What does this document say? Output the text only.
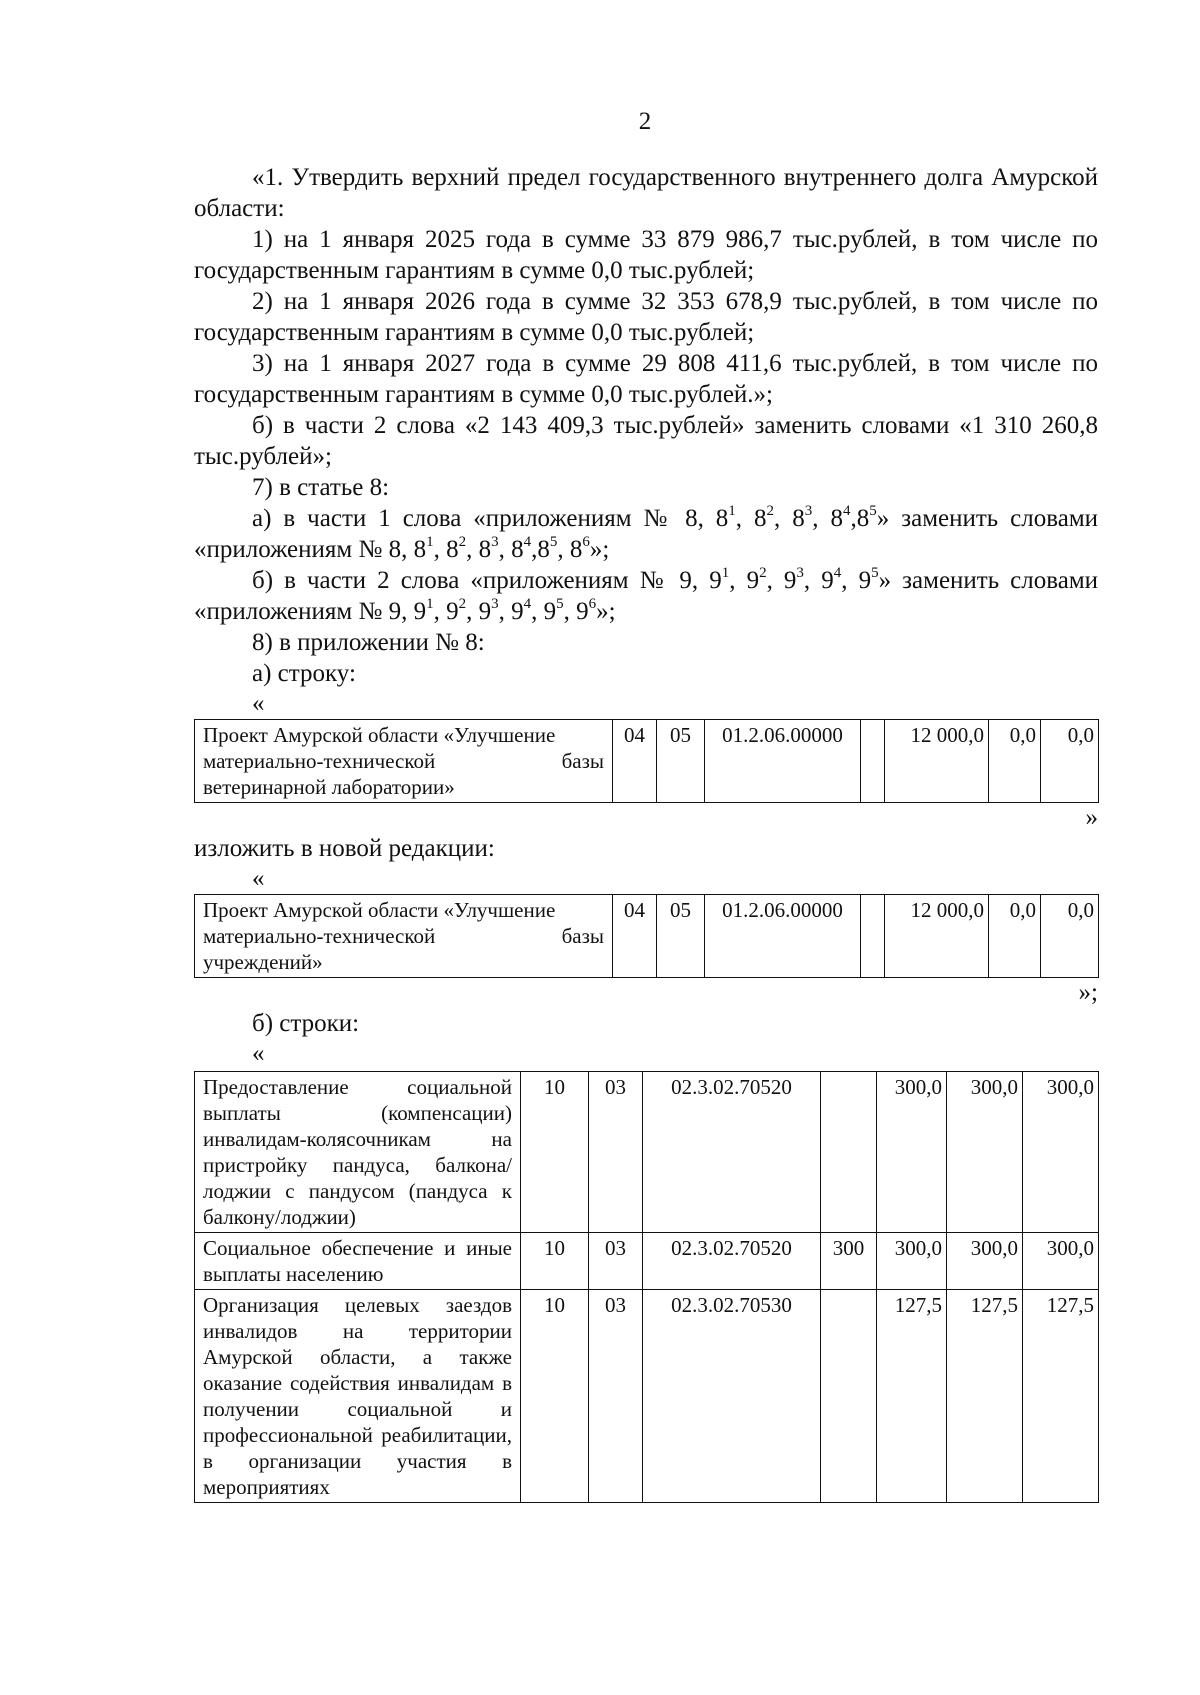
2

«1. Утвердить верхний предел государственного внутреннего долга Амурской области:

1) на 1 января 2025 года в сумме 33 879 986,7 тыс.рублей, в том числе по государственным гарантиям в сумме 0,0 тыс.рублей;

2) на 1 января 2026 года в сумме 32 353 678,9 тыс.рублей, в том числе по государственным гарантиям в сумме 0,0 тыс.рублей;

3) на 1 января 2027 года в сумме 29 808 411,6 тыс.рублей, в том числе по государственным гарантиям в сумме 0,0 тыс.рублей.»;

б) в части 2 слова «2 143 409,3 тыс.рублей» заменить словами «1 310 260,8 тыс.рублей»;

7) в статье 8:

а) в части 1 слова «приложениям № 8, $8^1$, $8^2$, $8^3$, $8^4,8^5$» заменить словами «приложениям № 8, $8^1$, $8^2$, $8^3$, $8^4,8^5$, $8^6$»;

б) в части 2 слова «приложениям № 9, $9^1$, $9^2$, $9^3$, $9^4$, $9^5$» заменить словами «приложениям № 9, $9^1$, $9^2$, $9^3$, $9^4$, $9^5$, $9^6$»;

8) в приложении № 8:

а) строку:

«

Проект Амурской области «Улучшение
материально-технической	базы
ветеринарной лаборатории»
	04	05	01.2.06.00000		12 000,0	0,0	0,0

»

изложить в новой редакции:

«

Проект Амурской области «Улучшение
материально-технической	базы
учреждений»
	04	05	01.2.06.00000		12 000,0	0,0	0,0

»;

б) строки:

«

Предоставление социальной выплаты (компенсации) инвалидам-колясочникам на пристройку пандуса, балкона/лоджии с пандусом (пандуса к балкону/лоджии)	10	03	02.3.02.70520		300,0	300,0	300,0
Социальное обеспечение и иные выплаты населению	10	03	02.3.02.70520	300	300,0	300,0	300,0
Организация целевых заездов инвалидов на территории Амурской области, а также оказание содействия инвалидам в получении социальной и профессиональной реабилитации, в организации участия в мероприятиях	10	03	02.3.02.70530		127,5	127,5	127,5
